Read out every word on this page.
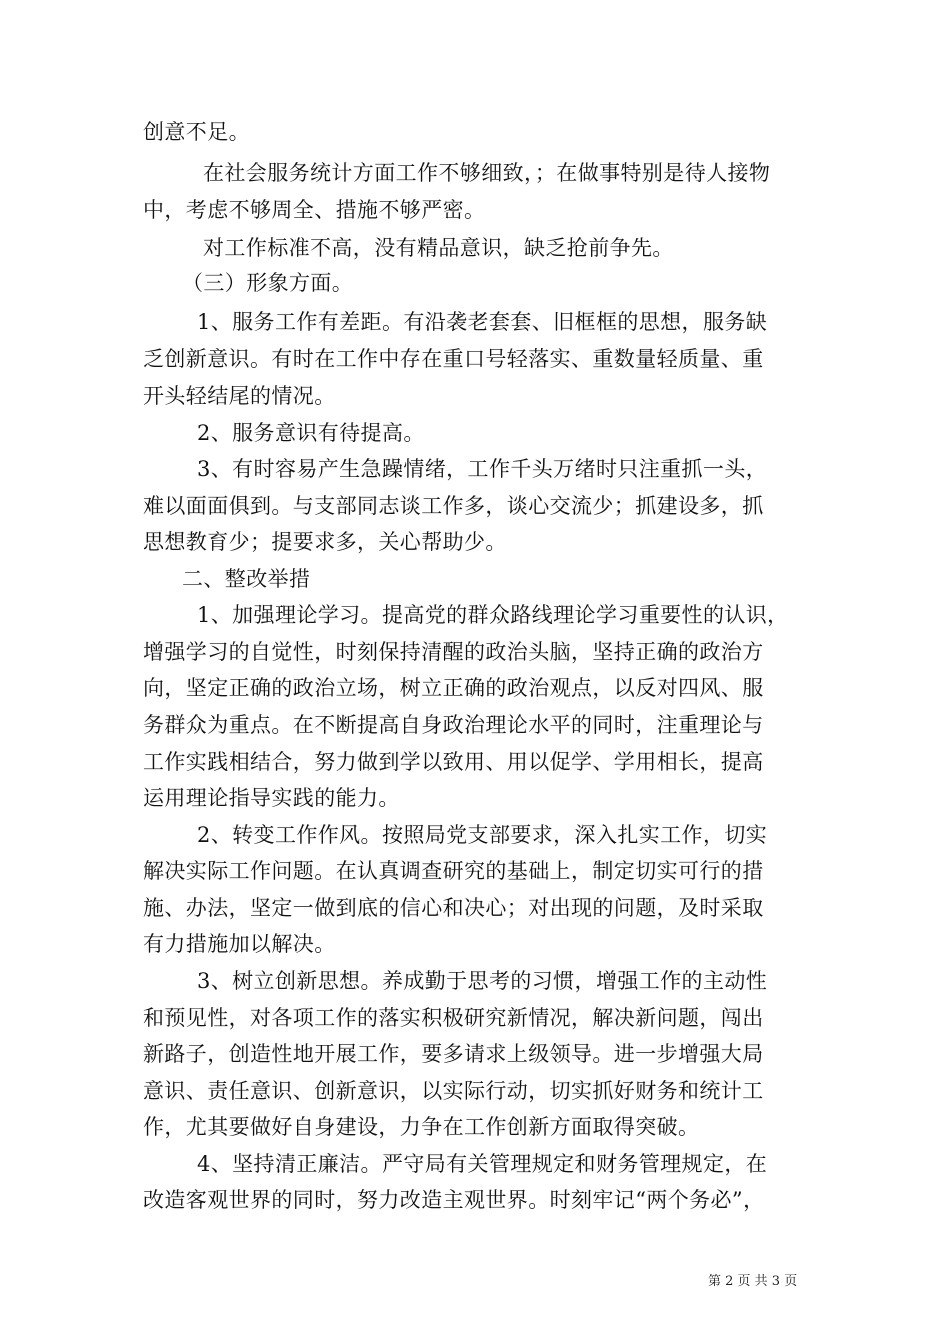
创意不足。
在社会服务统计方面工作不够细致，；在做事特别是待人接物
中，考虑不够周全、措施不够严密。
对工作标准不高，没有精品意识，缺乏抢前争先。
（三）形象方面。
1、服务工作有差距。有沿袭老套套、旧框框的思想，服务缺
乏创新意识。有时在工作中存在重口号轻落实、重数量轻质量、重
开头轻结尾的情况。
2、服务意识有待提高。
3、有时容易产生急躁情绪，工作千头万绪时只注重抓一头，
难以面面俱到。与支部同志谈工作多，谈心交流少；抓建设多，抓
思想教育少；提要求多，关心帮助少。
二、整改举措
1、加强理论学习。提高党的群众路线理论学习重要性的认识，
增强学习的自觉性，时刻保持清醒的政治头脑，坚持正确的政治方
向，坚定正确的政治立场，树立正确的政治观点，以反对四风、服
务群众为重点。在不断提高自身政治理论水平的同时，注重理论与
工作实践相结合，努力做到学以致用、用以促学、学用相长，提高
运用理论指导实践的能力。
2、转变工作作风。按照局党支部要求，深入扎实工作，切实
解决实际工作问题。在认真调查研究的基础上，制定切实可行的措
施、办法，坚定一做到底的信心和决心；对出现的问题，及时采取
有力措施加以解决。
3、树立创新思想。养成勤于思考的习惯，增强工作的主动性
和预见性，对各项工作的落实积极研究新情况，解决新问题，闯出
新路子，创造性地开展工作，要多请求上级领导。进一步增强大局
意识、责任意识、创新意识，以实际行动，切实抓好财务和统计工
作，尤其要做好自身建设，力争在工作创新方面取得突破。
4、坚持清正廉洁。严守局有关管理规定和财务管理规定，在
改造客观世界的同时，努力改造主观世界。时刻牢记“两个务必”，
第 2 页 共 3 页
